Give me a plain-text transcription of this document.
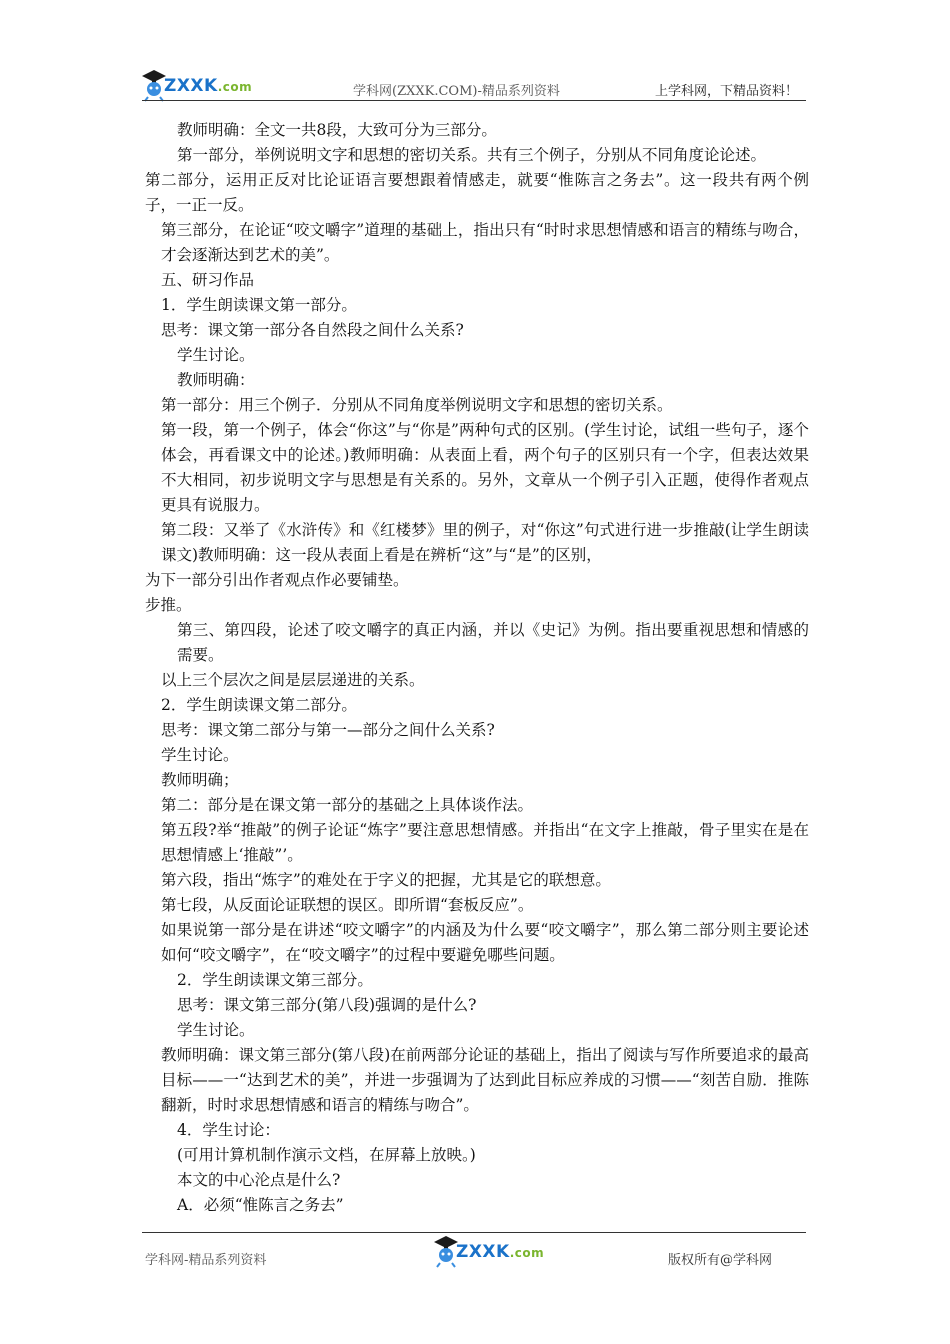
ZXXK.com	学科网(ZXXK.COM)-精品系列资料	上学科网，下精品资料！

教师明确：全文一共8段，大致可分为三部分。

第一部分，举例说明文字和思想的密切关系。共有三个例子，分别从不同角度论论述。

第二部分，运用正反对比论证语言要想跟着情感走，就要“惟陈言之务去”。这一段共有两个例子，一正一反。

第三部分，在论证“咬文嚼字”道理的基础上，指出只有“时时求思想情感和语言的精练与吻合，才会逐渐达到艺术的美”。

五、研习作品

1．学生朗读课文第一部分。

思考：课文第一部分各自然段之间什么关系?

学生讨论。

教师明确：

第一部分：用三个例子．分别从不同角度举例说明文字和思想的密切关系。

第一段，第一个例子，体会“你这”与“你是”两种句式的区别。(学生讨论，试组一些句子，逐个体会，再看课文中的论述。)教师明确：从表面上看，两个句子的区别只有一个字，但表达效果不大相同，初步说明文字与思想是有关系的。另外，文章从一个例子引入正题，使得作者观点更具有说服力。

第二段：又举了《水浒传》和《红楼梦》里的例子，对“你这”句式进行进一步推敲(让学生朗读课文)教师明确：这一段从表面上看是在辨析“这”与“是”的区别，

为下一部分引出作者观点作必要铺垫。

步推。

第三、第四段，论述了咬文嚼字的真正内涵，并以《史记》为例。指出要重视思想和情感的需要。

以上三个层次之间是层层递进的关系。

2．学生朗读课文第二部分。

思考：课文第二部分与第一—部分之间什么关系?

学生讨论。

教师明确；

第二：部分是在课文第一部分的基础之上具体谈作法。

第五段?举“推敲”的例子论证“炼字”要注意思想情感。并指出“在文字上推敲，骨子里实在是在思想情感上‘推敲”’。

第六段，指出“炼字”的难处在于字义的把握，尤其是它的联想意。

第七段，从反面论证联想的误区。即所谓“套板反应”。

如果说第一部分是在讲述“咬文嚼字”的内涵及为什么要“咬文嚼字”，那么第二部分则主要论述如何“咬文嚼字”，在“咬文嚼字”的过程中要避免哪些问题。

2．学生朗读课文第三部分。

思考：课文第三部分(第八段)强调的是什么?

学生讨论。

教师明确：课文第三部分(第八段)在前两部分论证的基础上，指出了阅读与写作所要追求的最高目标——一“达到艺术的美”，并进一步强调为了达到此目标应养成的习惯——“刻苦自励．推陈翻新，时时求思想情感和语言的精练与吻合”。

4．学生讨论：

(可用计算机制作演示文档，在屏幕上放映。)

本文的中心沦点是什么?

A．必须“惟陈言之务去”

学科网-精品系列资料	ZXXK.com	版权所有@学科网
